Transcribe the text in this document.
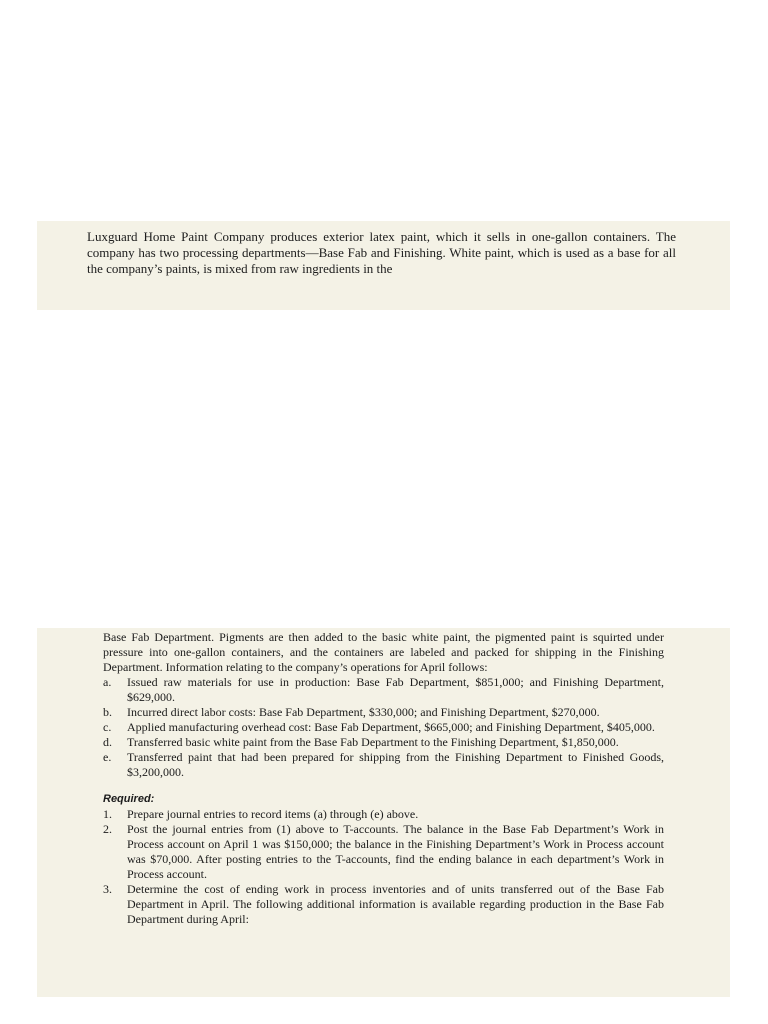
Luxguard Home Paint Company produces exterior latex paint, which it sells in one-gallon containers. The company has two processing departments—Base Fab and Finishing. White paint, which is used as a base for all the company’s paints, is mixed from raw ingredients in the

Base Fab Department. Pigments are then added to the basic white paint, the pigmented paint is squirted under pressure into one-gallon containers, and the containers are labeled and packed for shipping in the Finishing Department. Information relating to the company’s operations for April follows:

a. Issued raw materials for use in production: Base Fab Department, $851,000; and Finishing Department, $629,000.
b. Incurred direct labor costs: Base Fab Department, $330,000; and Finishing Department, $270,000.
c. Applied manufacturing overhead cost: Base Fab Department, $665,000; and Finishing Department, $405,000.
d. Transferred basic white paint from the Base Fab Department to the Finishing Department, $1,850,000.
e. Transferred paint that had been prepared for shipping from the Finishing Department to Finished Goods, $3,200,000.
Required:
1. Prepare journal entries to record items (a) through (e) above.
2. Post the journal entries from (1) above to T-accounts. The balance in the Base Fab Department’s Work in Process account on April 1 was $150,000; the balance in the Finishing Department’s Work in Process account was $70,000. After posting entries to the T-accounts, find the ending balance in each department’s Work in Process account.
3. Determine the cost of ending work in process inventories and of units transferred out of the Base Fab Department in April. The following additional information is available regarding production in the Base Fab Department during April:
